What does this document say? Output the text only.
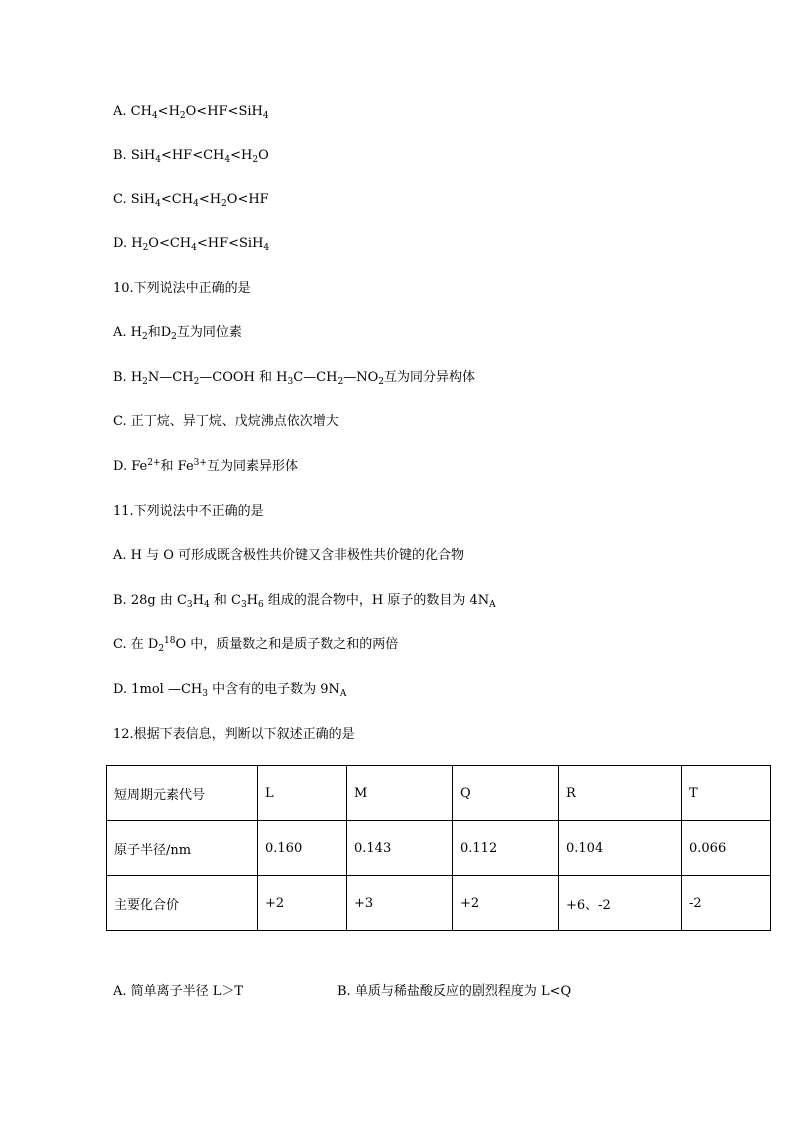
A. $CH_4<H_2O<HF<SiH_4$
B. $SiH_4<HF<CH_4<H_2O$
C. $SiH_4<CH_4<H_2O<HF$
D. $H_2O<CH_4<HF<SiH_4$
10.下列说法中正确的是
A. $H_2$和$D_2$互为同位素
B. $H_2N—CH_2—COOH$ 和 $H_3C—CH_2—NO_2$互为同分异构体
C. 正丁烷、异丁烷、戊烷沸点依次增大
D. $Fe^{2+}$和 $Fe^{3+}$互为同素异形体
11.下列说法中不正确的是
A. H 与 O 可形成既含极性共价键又含非极性共价键的化合物
B. 28g 由 $C_3H_4$ 和 $C_3H_6$ 组成的混合物中，H 原子的数目为 $4N_A$
C. 在 $D_2^{18}O$ 中，质量数之和是质子数之和的两倍
D. 1mol $—CH_3$ 中含有的电子数为 $9N_A$
12.根据下表信息，判断以下叙述正确的是
短周期元素代号	L	M	Q	R	T
原子半径/nm	0.160	0.143	0.112	0.104	0.066
主要化合价	+2	+3	+2	+6、-2	-2
A. 简单离子半径 L＞T	B. 单质与稀盐酸反应的剧烈程度为 L<Q
